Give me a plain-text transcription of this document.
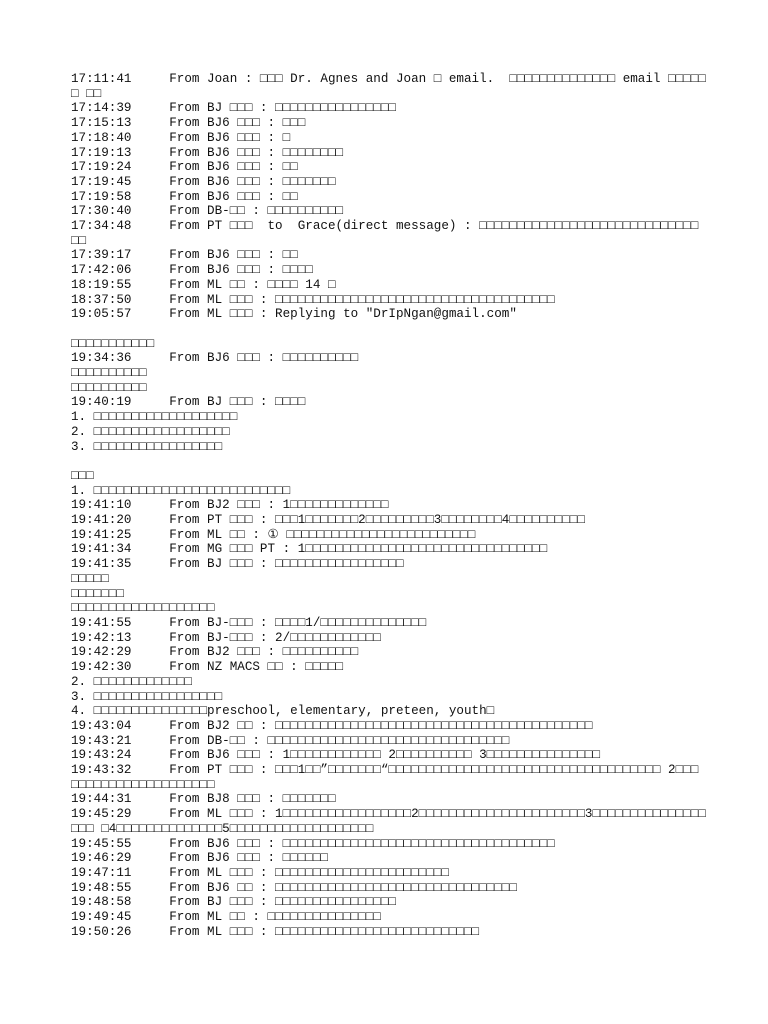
17:11:41     From Joan : □□□ Dr. Agnes and Joan □ email.  □□□□□□□□□□□□□□ email □□□□□□ □□
17:14:39     From BJ □□□ : □□□□□□□□□□□□□□□□
17:15:13     From BJ6 □□□ : □□□
17:18:40     From BJ6 □□□ : □
17:19:13     From BJ6 □□□ : □□□□□□□□
17:19:24     From BJ6 □□□ : □□
17:19:45     From BJ6 □□□ : □□□□□□□
17:19:58     From BJ6 □□□ : □□
17:30:40     From DB-□□ : □□□□□□□□□□
17:34:48     From PT □□□  to  Grace(direct message) : □□□□□□□□□□□□□□□□□□□□□□□□□□□□□ □□
17:39:17     From BJ6 □□□ : □□
17:42:06     From BJ6 □□□ : □□□□
18:19:55     From ML □□ : □□□□ 14 □
18:37:50     From ML □□□ : □□□□□□□□□□□□□□□□□□□□□□□□□□□□□□□□□□□□□
19:05:57     From ML □□□ : Replying to "DrIpNgan@gmail.com"
□□□□□□□□□□□
19:34:36     From BJ6 □□□ : □□□□□□□□□□
□□□□□□□□□□
□□□□□□□□□□
19:40:19     From BJ □□□ : □□□□
1. □□□□□□□□□□□□□□□□□□□
2. □□□□□□□□□□□□□□□□□□
3. □□□□□□□□□□□□□□□□□
□□□
1. □□□□□□□□□□□□□□□□□□□□□□□□□□
19:41:10     From BJ2 □□□ : 1□□□□□□□□□□□□□
19:41:20     From PT □□□ : □□□1□□□□□□□2□□□□□□□□□3□□□□□□□□4□□□□□□□□□□
19:41:25     From ML □□ : ① □□□□□□□□□□□□□□□□□□□□□□□□□
19:41:34     From MG □□□ PT : 1□□□□□□□□□□□□□□□□□□□□□□□□□□□□□□□□
19:41:35     From BJ □□□ : □□□□□□□□□□□□□□□□□
□□□□□
□□□□□□□
□□□□□□□□□□□□□□□□□□□
19:41:55     From BJ-□□□ : □□□□1/□□□□□□□□□□□□□□
19:42:13     From BJ-□□□ : 2/□□□□□□□□□□□□
19:42:29     From BJ2 □□□ : □□□□□□□□□□
19:42:30     From NZ MACS □□ : □□□□□
2. □□□□□□□□□□□□□
3. □□□□□□□□□□□□□□□□□
4. □□□□□□□□□□□□□□□preschool, elementary, preteen, youth□
19:43:04     From BJ2 □□ : □□□□□□□□□□□□□□□□□□□□□□□□□□□□□□□□□□□□□□□□□□
19:43:21     From DB-□□ : □□□□□□□□□□□□□□□□□□□□□□□□□□□□□□□□
19:43:24     From BJ6 □□□ : 1□□□□□□□□□□□□ 2□□□□□□□□□□ 3□□□□□□□□□□□□□□□
19:43:32     From PT □□□ : □□□1□□”□□□□□□□“□□□□□□□□□□□□□□□□□□□□□□□□□□□□□□□□□□□□ 2□□□ □□□□□□□□□□□□□□□□□□□
19:44:31     From BJ8 □□□ : □□□□□□□
19:45:29     From ML □□□ : 1□□□□□□□□□□□□□□□□□2□□□□□□□□□□□□□□□□□□□□□□3□□□□□□□□□□□□□□□ □□□ □4□□□□□□□□□□□□□□5□□□□□□□□□□□□□□□□□□□
19:45:55     From BJ6 □□□ : □□□□□□□□□□□□□□□□□□□□□□□□□□□□□□□□□□□□
19:46:29     From BJ6 □□□ : □□□□□□
19:47:11     From ML □□□ : □□□□□□□□□□□□□□□□□□□□□□□
19:48:55     From BJ6 □□ : □□□□□□□□□□□□□□□□□□□□□□□□□□□□□□□□
19:48:58     From BJ □□□ : □□□□□□□□□□□□□□□□
19:49:45     From ML □□ : □□□□□□□□□□□□□□□
19:50:26     From ML □□□ : □□□□□□□□□□□□□□□□□□□□□□□□□□□
